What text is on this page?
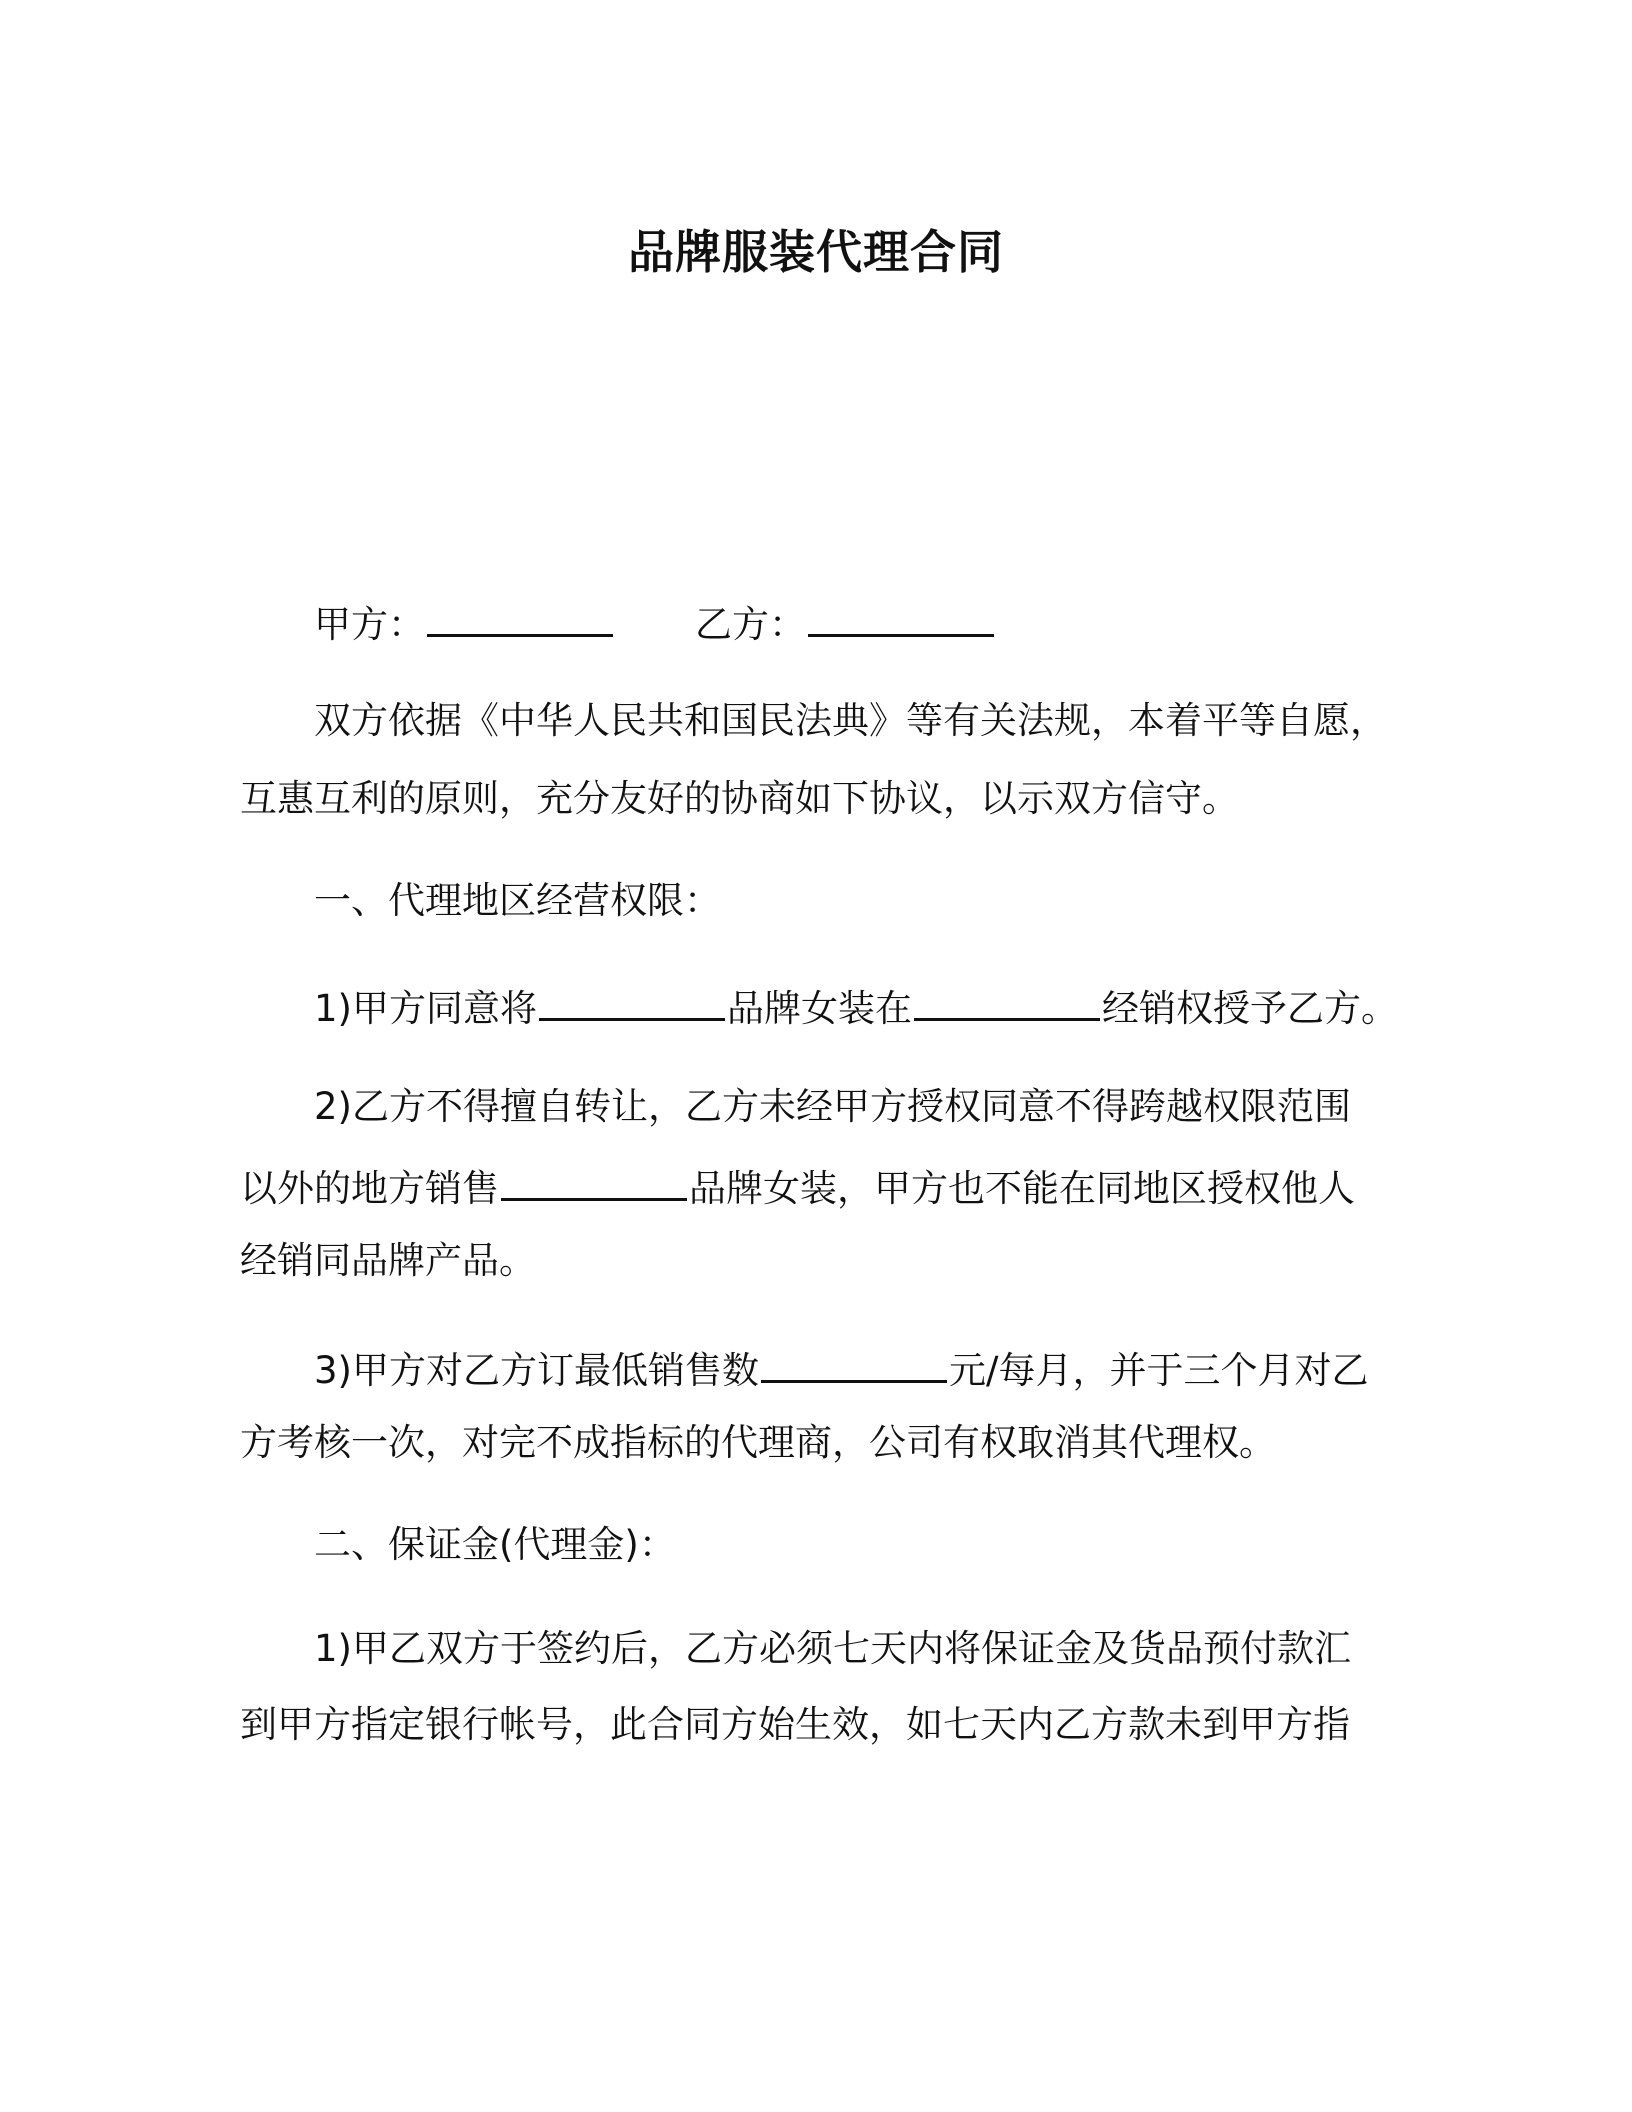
品牌服装代理合同
甲方：	乙方：
双方依据《中华人民共和国民法典》等有关法规，本着平等自愿，
互惠互利的原则，充分友好的协商如下协议，以示双方信守。
一、代理地区经营权限：
1)甲方同意将	品牌女装在	经销权授予乙方。
2)乙方不得擅自转让，乙方未经甲方授权同意不得跨越权限范围
以外的地方销售	品牌女装，甲方也不能在同地区授权他人
经销同品牌产品。
3)甲方对乙方订最低销售数	元/每月，并于三个月对乙
方考核一次，对完不成指标的代理商，公司有权取消其代理权。
二、保证金(代理金)：
1)甲乙双方于签约后，乙方必须七天内将保证金及货品预付款汇
到甲方指定银行帐号，此合同方始生效，如七天内乙方款未到甲方指
